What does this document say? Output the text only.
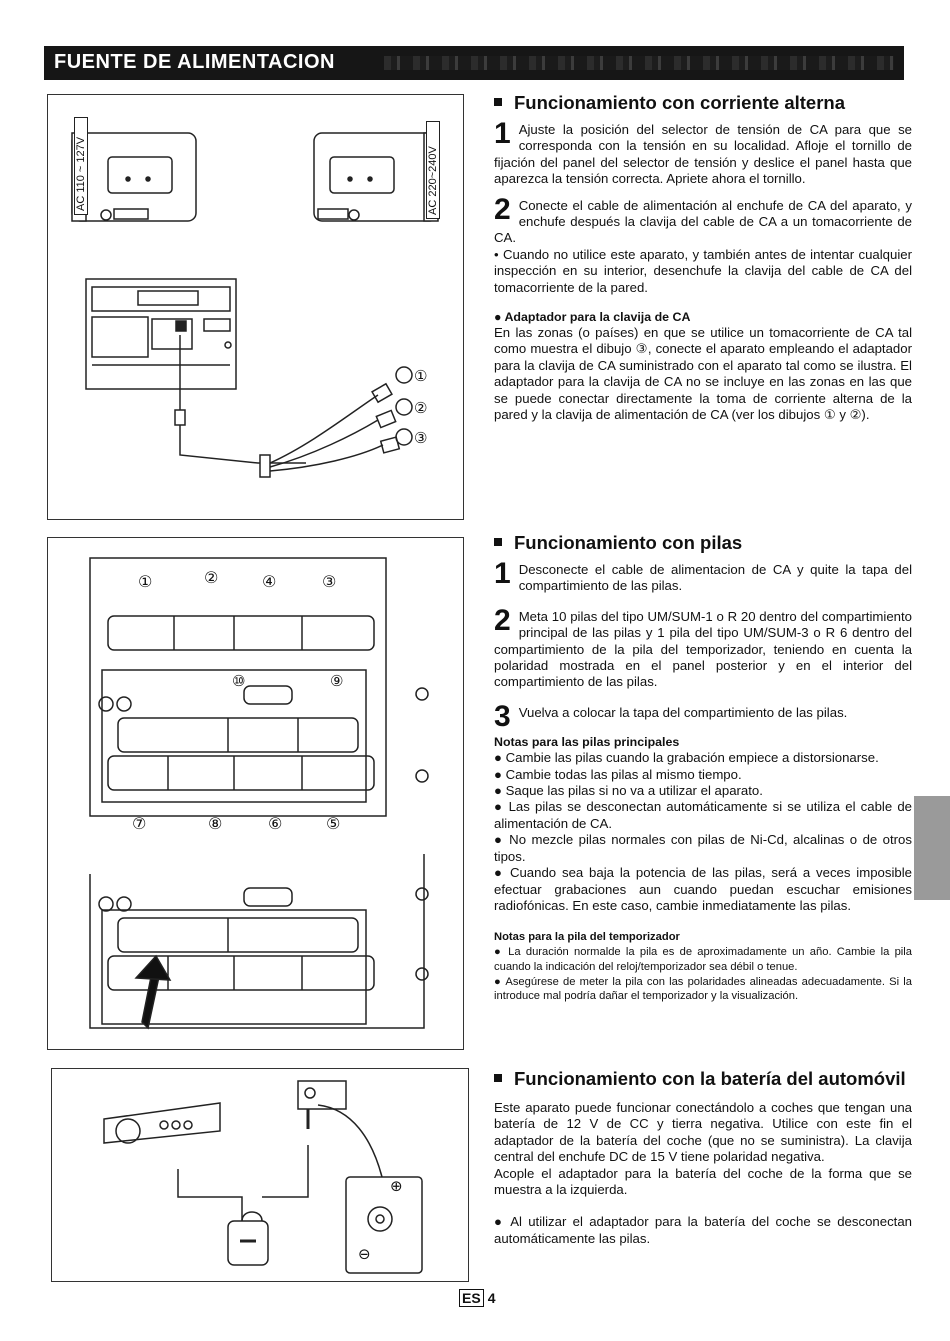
FUENTE DE ALIMENTACION
AC 110 ~ 127V	AC 220~240V
①
②
③
①	②	④	③
⑩	⑨
⑦	⑧	⑥	⑤
⊕
⊖
Funcionamiento con corriente alterna
1 Ajuste la posición del selector de tensión de CA para que se corresponda con la tensión en su localidad. Afloje el tornillo de fijación del panel del selector de tensión y deslice el panel hasta que aparezca la tensión correcta. Apriete ahora el tornillo.

2 Conecte el cable de alimentación al enchufe de CA del aparato, y enchufe después la clavija del cable de CA a un tomacorriente de CA.

• Cuando no utilice este aparato, y también antes de intentar cualquier inspección en su interior, desenchufe la clavija del cable de CA del tomacorriente de la pared.

● Adaptador para la clavija de CA

En las zonas (o países) en que se utilice un tomacorriente de CA tal como muestra el dibujo ③, conecte el aparato empleando el adaptador para la clavija de CA suministrado con el aparato tal como se ilustra. El adaptador para la clavija de CA no se incluye en las zonas en las que se puede conectar directamente la toma de corriente alterna de la pared y la clavija de alimentación de CA (ver los dibujos ① y ②).

Funcionamiento con pilas
1 Desconecte el cable de alimentacion de CA y quite la tapa del compartimiento de las pilas.

2 Meta 10 pilas del tipo UM/SUM-1 o R 20 dentro del compartimiento principal de las pilas y 1 pila del tipo UM/SUM-3 o R 6 dentro del compartimiento de la pila del temporizador, teniendo en cuenta la polaridad mostrada en el panel posterior y en el interior del compartimiento de las pilas.

3 Vuelva a colocar la tapa del compartimiento de las pilas.

Notas para las pilas principales

● Cambie las pilas cuando la grabación empiece a distorsionarse.

● Cambie todas las pilas al mismo tiempo.

● Saque las pilas si no va a utilizar el aparato.

● Las pilas se desconectan automáticamente si se utiliza el cable de alimentación de CA.

● No mezcle pilas normales con pilas de Ni-Cd, alcalinas o de otros tipos.

● Cuando sea baja la potencia de las pilas, será a veces imposible efectuar grabaciones aun cuando puedan escuchar emisiones radiofónicas. En este caso, cambie inmediatamente las pilas.

Notas para la pila del temporizador

● La duración normalde la pila es de aproximadamente un año. Cambie la pila cuando la indicación del reloj/temporizador sea débil o tenue.

● Asegúrese de meter la pila con las polaridades alineadas adecuadamente. Si la introduce mal podría dañar el temporizador y la visualización.

Funcionamiento con la batería del automóvil

Este aparato puede funcionar conectándolo a coches que tengan una batería de 12 V de CC y tierra negativa. Utilice con este fin el adaptador de la batería del coche (que no se suministra). La clavija central del enchufe DC de 15 V tiene polaridad negativa.

Acople el adaptador para la batería del coche de la forma que se muestra a la izquierda.

● Al utilizar el adaptador para la batería del coche se desconectan automáticamente las pilas.

ES 4
